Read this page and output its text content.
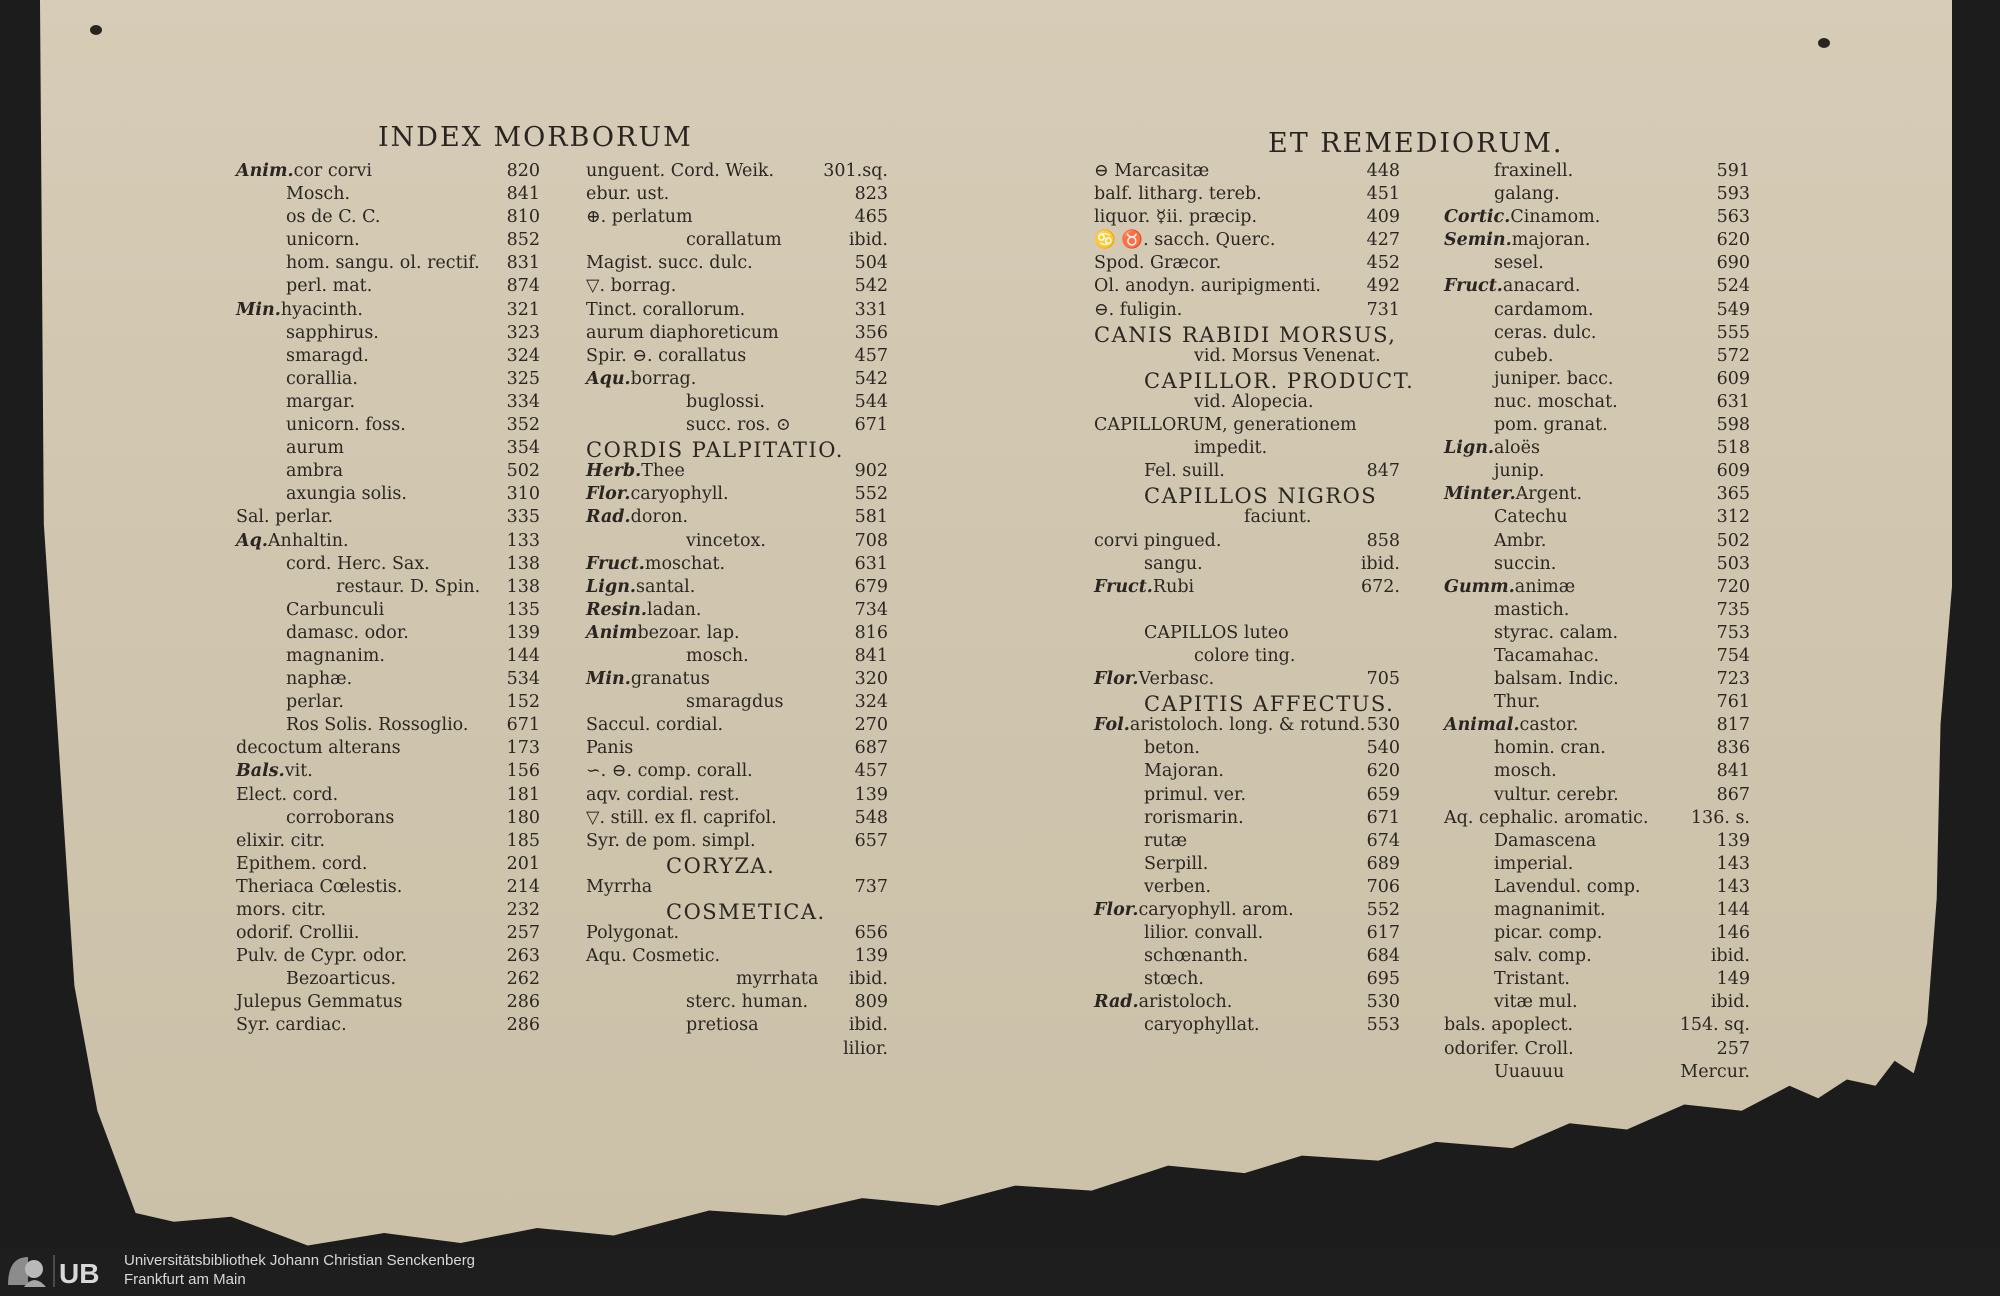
INDEX MORBORUM	ET REMEDIORUM.
Anim.cor corvi	820
Mosch.	841
os de C. C.	810
unicorn.	852
hom. sangu. ol. rectif. 831
perl. mat.	874
Min.hyacinth.	321
sapphirus.	323
smaragd.	324
corallia.	325
margar.	334
unicorn. foss.	352
aurum	354
ambra	502
axungia solis.	310
Sal. perlar.	335
Aq.Anhaltin.	133
cord. Herc. Sax.	138
restaur. D. Spin. 138
Carbunculi	135
damasc. odor.	139
magnanim.	144
naphæ.	534
perlar.	152
Ros Solis. Rossoglio. 671
decoctum alterans	173
Bals.vit.	156
Elect. cord.	181
corroborans	180
elixir. citr.	185
Epithem. cord.	201
Theriaca Cœlestis.	214
mors. citr.	232
odorif. Crollii.	257
Pulv. de Cypr. odor.	263
Bezoarticus.	262
Julepus Gemmatus	286
Syr. cardiac.	286
unguent. Cord. Weik.	301.sq.
ebur. ust.	823
⊕. perlatum	465
corallatum	ibid.
Magist. succ. dulc.	504
▽. borrag.	542
Tinct. corallorum.	331
aurum diaphoreticum	356
Spir. ⊖. corallatus	457
Aqu.borrag.	542
buglossi.	544
succ. ros. ⊙	671
CORDIS PALPITATIO.
Herb.Thee	902
Flor.caryophyll.	552
Rad.doron.	581
vincetox.	708
Fruct.moschat.	631
Lign.santal.	679
Resin.ladan.	734
Animbezoar. lap.	816
mosch.	841
Min.granatus	320
smaragdus	324
Saccul. cordial.	270
Panis	687
∽. ⊖. comp. corall.	457
aqv. cordial. rest.	139
▽. still. ex fl. caprifol.	548
Syr. de pom. simpl.	657
CORYZA.
Myrrha	737
COSMETICA.
Polygonat.	656
Aqu. Cosmetic.	139
myrrhata ibid.
sterc. human.	809
pretiosa	ibid.
lilior.
⊖ Marcasitæ	448
balf. litharg. tereb.	451
liquor. ☿ii. præcip.	409
♋ ♉. sacch. Querc.	427
Spod. Græcor.	452
Ol. anodyn. auripigmenti.	492
⊖. fuligin.	731
CANIS RABIDI MORSUS,
vid. Morsus Venenat.
CAPILLOR. PRODUCT.
vid. Alopecia.
CAPILLORUM, generationem
impedit.
Fel. suill.	847
CAPILLOS NIGROS
faciunt.
corvi pingued.	858
sangu.	ibid.
Fruct.Rubi	672.
CAPILLOS luteo
colore ting.
Flor.Verbasc.	705
CAPITIS AFFECTUS.
Fol.aristoloch. long. & rotund. 530
beton.	540
Majoran.	620
primul. ver.	659
rorismarin.	671
rutæ	674
Serpill.	689
verben.	706
Flor.caryophyll. arom.	552
lilior. convall.	617
schœnanth.	684
stœch.	695
Rad.aristoloch.	530
caryophyllat.	553
fraxinell.	591
galang.	593
Cortic.Cinamom.	563
Semin.majoran.	620
sesel.	690
Fruct.anacard.	524
cardamom.	549
ceras. dulc.	555
cubeb.	572
juniper. bacc.	609
nuc. moschat.	631
pom. granat.	598
Lign.aloës	518
junip.	609
Minter.Argent.	365
Catechu	312
Ambr.	502
succin.	503
Gumm.animæ	720
mastich.	735
styrac. calam.	753
Tacamahac.	754
balsam. Indic.	723
Thur.	761
Animal.castor.	817
homin. cran.	836
mosch.	841
vultur. cerebr.	867
Aq. cephalic. aromatic. 136. s.
Damascena	139
imperial.	143
Lavendul. comp.	143
magnanimit.	144
picar. comp.	146
salv. comp.	ibid.
Tristant.	149
vitæ mul.	ibid.
bals. apoplect.	154. sq.
odorifer. Croll.	257
Uuauuu	Mercur.
UB Universitätsbibliothek Johann Christian Senckenberg
Frankfurt am Main
